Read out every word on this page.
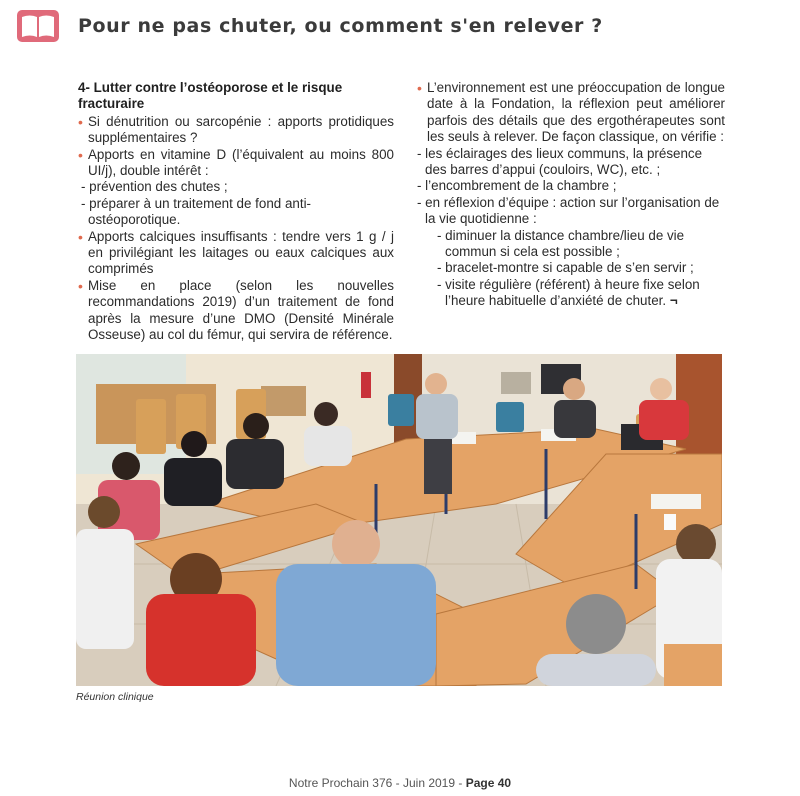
Pour ne pas chuter, ou comment s'en relever ?

4- Lutter contre l’ostéoporose et le risque fracturaire

• Si dénutrition ou sarcopénie : apports protidiques supplémentaires ?

• Apports en vitamine D (l’équivalent au moins 800 UI/j), double intérêt :

- prévention des chutes ;

- préparer à un traitement de fond anti-ostéoporotique.

• Apports calciques insuffisants : tendre vers 1 g / j en privilégiant les laitages ou eaux calciques aux comprimés

• Mise en place (selon les nouvelles recommandations 2019) d’un traitement de fond après la mesure d’une DMO (Densité Minérale Osseuse) au col du fémur, qui servira de référence.

•

• L’environnement est une préoccupation de longue date à la Fondation, la réflexion peut améliorer parfois des détails que des ergothérapeutes sont les seuls à relever. De façon classique, on vérifie :

- les éclairages des lieux communs, la présence des barres d’appui (couloirs, WC), etc. ;

- l’encombrement de la chambre ;

- en réflexion d’équipe : action sur l’organisation de la vie quotidienne :

- diminuer la distance chambre/lieu de vie commun si cela est possible ;

- bracelet-montre si capable de s’en servir ;

- visite régulière (référent) à heure fixe selon l’heure habituelle d’anxiété de chuter. ¬

Réunion clinique
Notre Prochain 376 - Juin 2019 - Page 40
